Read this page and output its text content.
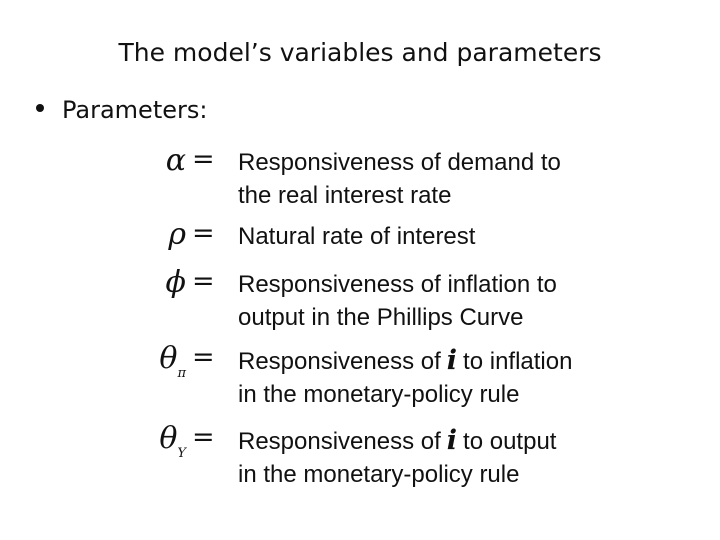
The model’s variables and parameters
Parameters:
α = Responsiveness of demand to
the real interest rate
ρ = Natural rate of interest
ϕ = Responsiveness of inflation to
output in the Phillips Curve
$\theta_\pi$
= Responsiveness of i to inflation
in the monetary-policy rule
$\theta_Y$
= Responsiveness of i to output
in the monetary-policy rule
